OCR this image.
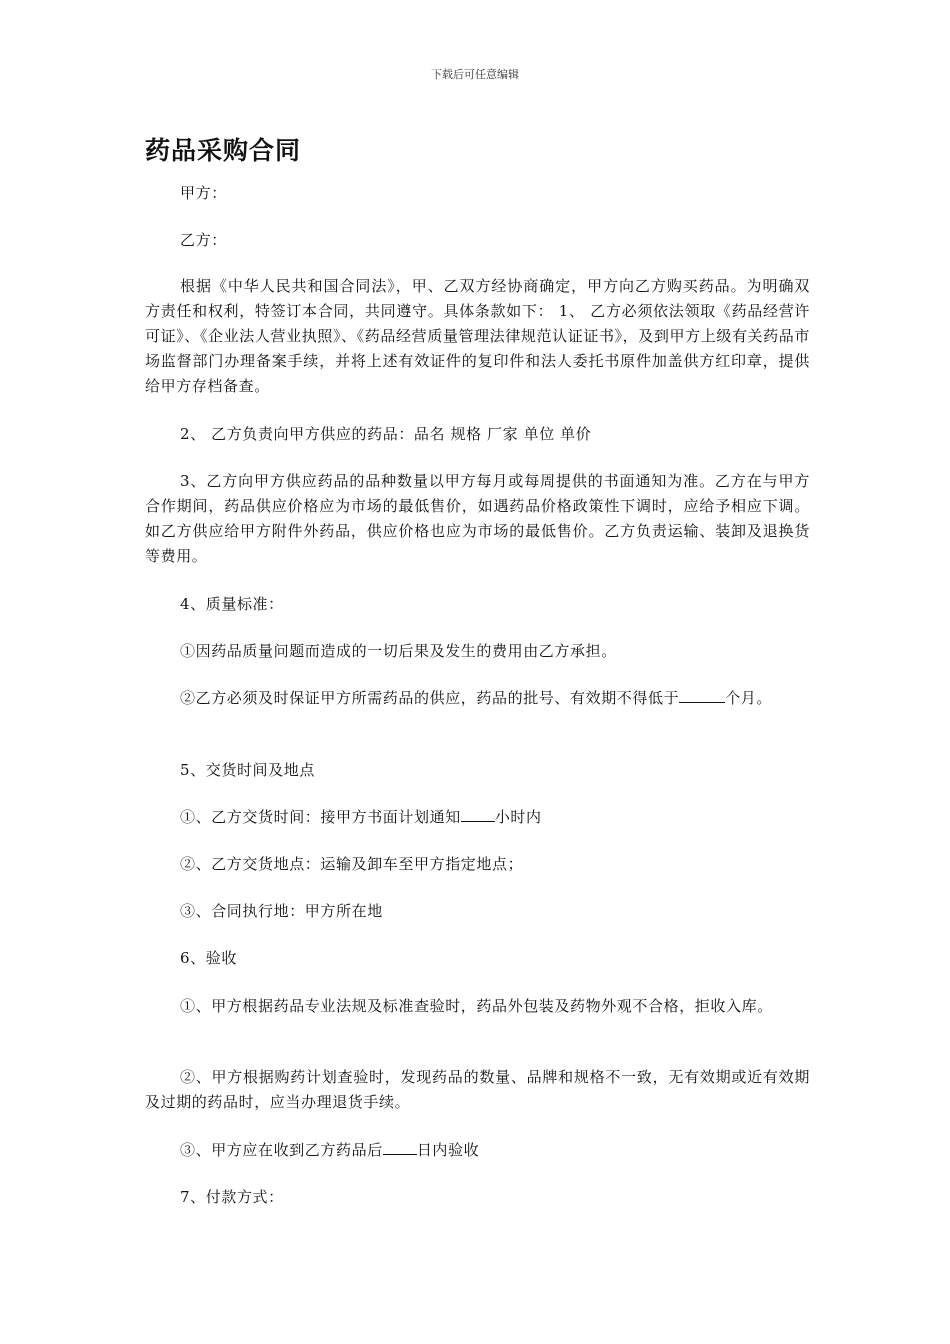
下载后可任意编辑
药品采购合同

甲方：

乙方：

根据《中华人民共和国合同法》，甲、乙双方经协商确定，甲方向乙方购买药品。为明确双方责任和权利，特签订本合同，共同遵守。具体条款如下： 1、 乙方必须依法领取《药品经营许可证》、《企业法人营业执照》、《药品经营质量管理法律规范认证证书》，及到甲方上级有关药品市场监督部门办理备案手续，并将上述有效证件的复印件和法人委托书原件加盖供方红印章，提供给甲方存档备查。

2、 乙方负责向甲方供应的药品：品名 规格 厂家 单位 单价

3、乙方向甲方供应药品的品种数量以甲方每月或每周提供的书面通知为准。乙方在与甲方合作期间，药品供应价格应为市场的最低售价，如遇药品价格政策性下调时，应给予相应下调。如乙方供应给甲方附件外药品，供应价格也应为市场的最低售价。乙方负责运输、装卸及退换货等费用。

4、质量标准：

①因药品质量问题而造成的一切后果及发生的费用由乙方承担。

②乙方必须及时保证甲方所需药品的供应，药品的批号、有效期不得低于	个月。

5、交货时间及地点

①、乙方交货时间：接甲方书面计划通知 小时内

②、乙方交货地点：运输及卸车至甲方指定地点；

③、合同执行地：甲方所在地

6、验收

①、甲方根据药品专业法规及标准查验时，药品外包装及药物外观不合格，拒收入库。

②、甲方根据购药计划查验时，发现药品的数量、品牌和规格不一致，无有效期或近有效期及过期的药品时，应当办理退货手续。

③、甲方应在收到乙方药品后 日内验收

7、付款方式：
